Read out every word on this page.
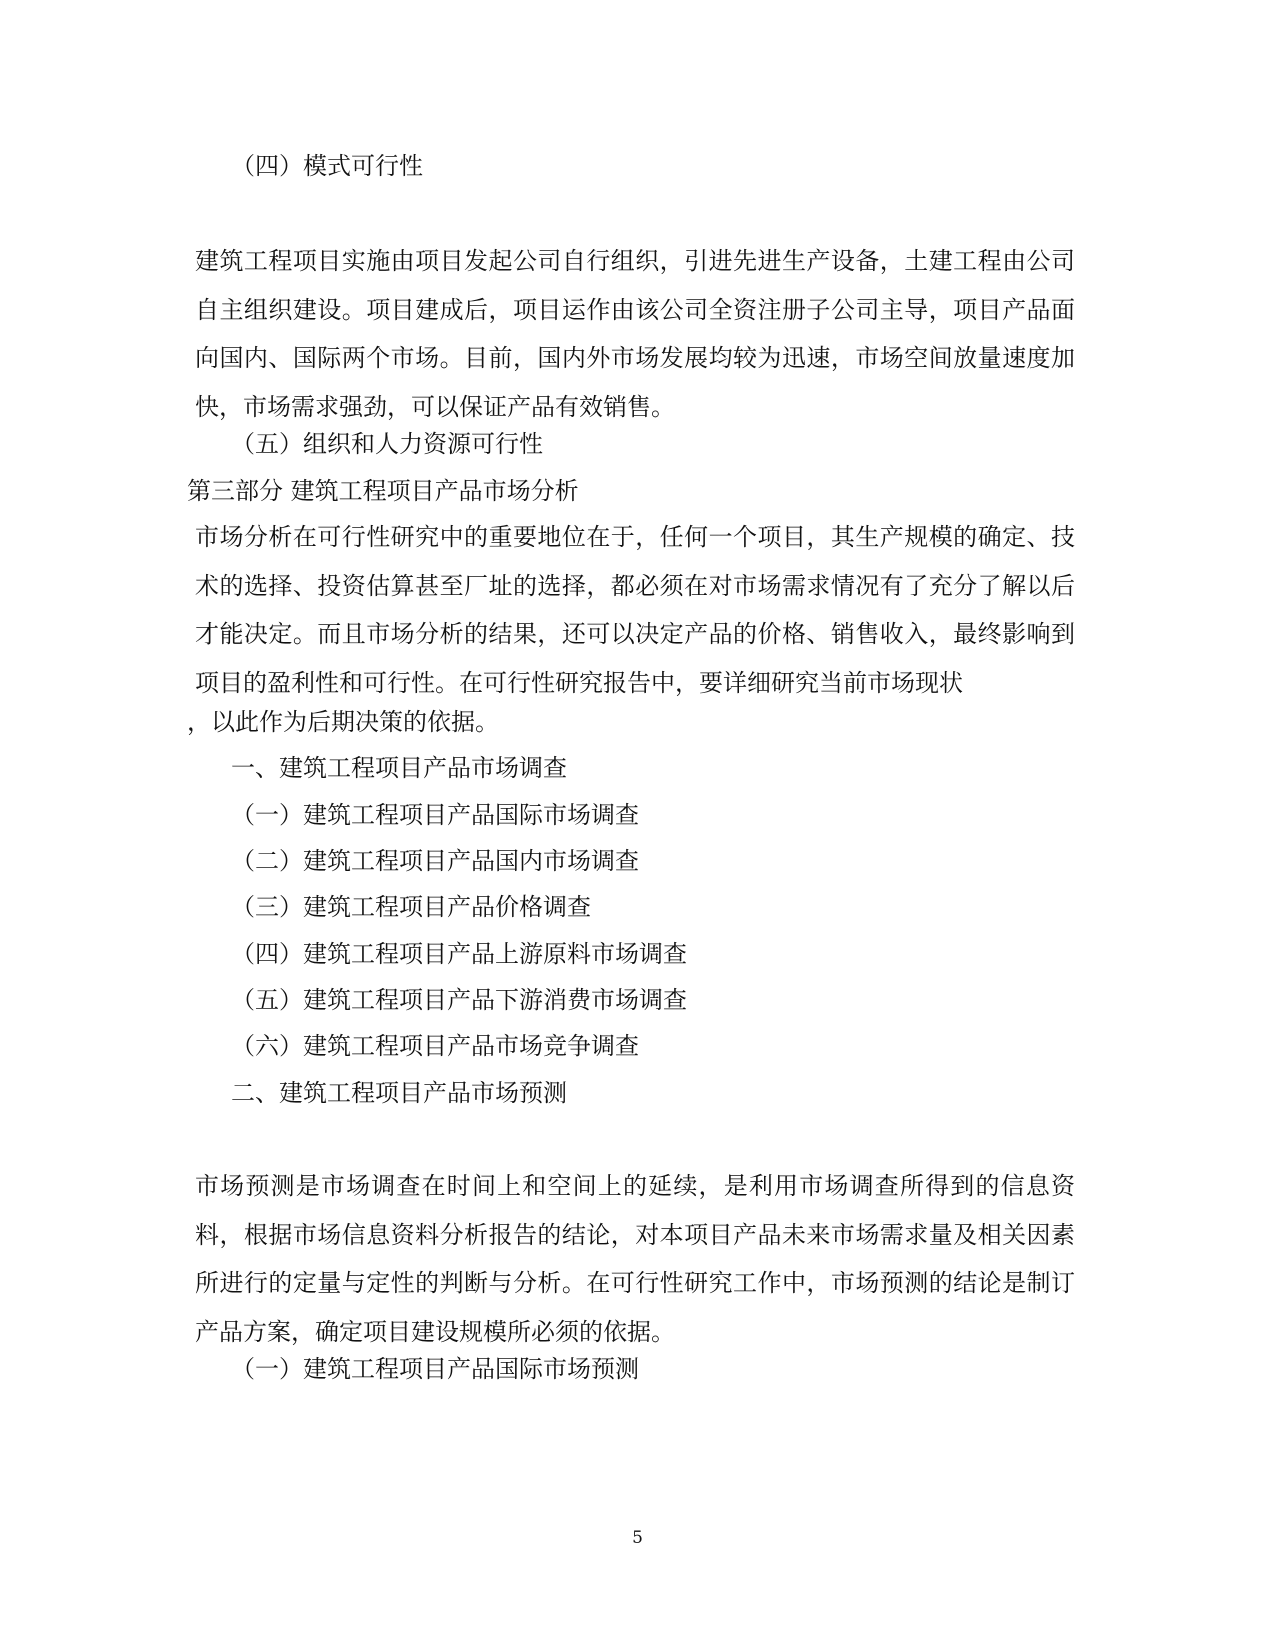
（四）模式可行性
建筑工程项目实施由项目发起公司自行组织，引进先进生产设备，土建工程由公司自主组织建设。项目建成后，项目运作由该公司全资注册子公司主导，项目产品面向国内、国际两个市场。目前，国内外市场发展均较为迅速，市场空间放量速度加快，市场需求强劲，可以保证产品有效销售。
（五）组织和人力资源可行性
第三部分 建筑工程项目产品市场分析
市场分析在可行性研究中的重要地位在于，任何一个项目，其生产规模的确定、技术的选择、投资估算甚至厂址的选择，都必须在对市场需求情况有了充分了解以后才能决定。而且市场分析的结果，还可以决定产品的价格、销售收入，最终影响到项目的盈利性和可行性。在可行性研究报告中，要详细研究当前市场现状
，以此作为后期决策的依据。
一、建筑工程项目产品市场调查
（一）建筑工程项目产品国际市场调查
（二）建筑工程项目产品国内市场调查
（三）建筑工程项目产品价格调查
（四）建筑工程项目产品上游原料市场调查
（五）建筑工程项目产品下游消费市场调查
（六）建筑工程项目产品市场竞争调查
二、建筑工程项目产品市场预测
市场预测是市场调查在时间上和空间上的延续，是利用市场调查所得到的信息资料，根据市场信息资料分析报告的结论，对本项目产品未来市场需求量及相关因素所进行的定量与定性的判断与分析。在可行性研究工作中，市场预测的结论是制订产品方案，确定项目建设规模所必须的依据。
（一）建筑工程项目产品国际市场预测
5
